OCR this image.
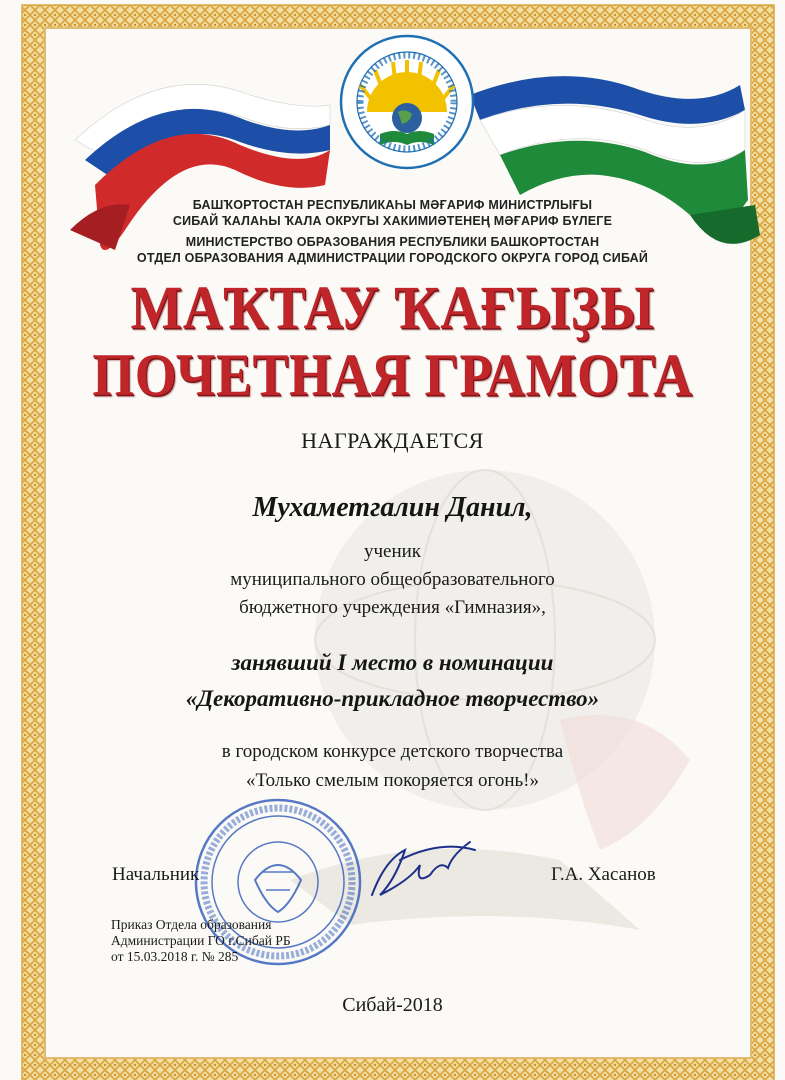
БАШҠОРТОСТАН РЕСПУБЛИКАҺЫ МӘҒАРИФ МИНИСТРЛЫҒЫ
СИБАЙ ҠАЛАҺЫ ҠАЛА ОКРУГЫ ХАКИМИӘТЕНЕҢ МӘҒАРИФ БҮЛЕГЕ
МИНИСТЕРСТВО ОБРАЗОВАНИЯ РЕСПУБЛИКИ БАШКОРТОСТАН
ОТДЕЛ ОБРАЗОВАНИЯ АДМИНИСТРАЦИИ ГОРОДСКОГО ОКРУГА ГОРОД СИБАЙ
МАҠТАУ ҠАҒЫҘЫ
ПОЧЕТНАЯ ГРАМОТА
НАГРАЖДАЕТСЯ
Мухаметгалин Данил,
ученик
муниципального общеобразовательного
бюджетного учреждения «Гимназия»,
занявший I место в номинации
«Декоративно-прикладное творчество»
в городском конкурсе детского творчества
«Только смелым покоряется огонь!»
Начальник	Г.А. Хасанов
Приказ Отдела образования
Администрации ГО г.Сибай РБ
от 15.03.2018 г. № 285
Сибай-2018
